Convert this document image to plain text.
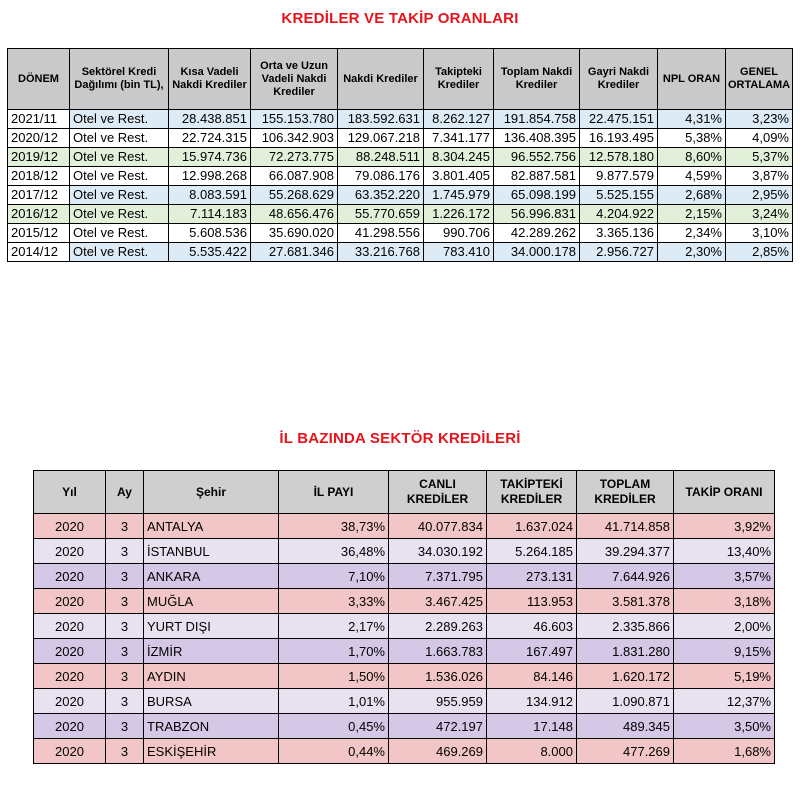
KREDİLER VE TAKİP ORANLARI
DÖNEM	Sektörel Kredi Dağılımı (bin TL),	Kısa Vadeli Nakdi Krediler	Orta ve Uzun Vadeli Nakdi Krediler	Nakdi Krediler	Takipteki Krediler	Toplam Nakdi Krediler	Gayri Nakdi Krediler	NPL ORAN	GENEL ORTALAMA
2021/11	Otel ve Rest.	28.438.851	155.153.780	183.592.631	8.262.127	191.854.758	22.475.151	4,31%	3,23%
2020/12	Otel ve Rest.	22.724.315	106.342.903	129.067.218	7.341.177	136.408.395	16.193.495	5,38%	4,09%
2019/12	Otel ve Rest.	15.974.736	72.273.775	88.248.511	8.304.245	96.552.756	12.578.180	8,60%	5,37%
2018/12	Otel ve Rest.	12.998.268	66.087.908	79.086.176	3.801.405	82.887.581	9.877.579	4,59%	3,87%
2017/12	Otel ve Rest.	8.083.591	55.268.629	63.352.220	1.745.979	65.098.199	5.525.155	2,68%	2,95%
2016/12	Otel ve Rest.	7.114.183	48.656.476	55.770.659	1.226.172	56.996.831	4.204.922	2,15%	3,24%
2015/12	Otel ve Rest.	5.608.536	35.690.020	41.298.556	990.706	42.289.262	3.365.136	2,34%	3,10%
2014/12	Otel ve Rest.	5.535.422	27.681.346	33.216.768	783.410	34.000.178	2.956.727	2,30%	2,85%
İL BAZINDA SEKTÖR KREDİLERİ
Yıl	Ay	Şehir	İL PAYI	CANLI KREDİLER	TAKİPTEKİ KREDİLER	TOPLAM KREDİLER	TAKİP ORANI
2020	3	ANTALYA	38,73%	40.077.834	1.637.024	41.714.858	3,92%
2020	3	İSTANBUL	36,48%	34.030.192	5.264.185	39.294.377	13,40%
2020	3	ANKARA	7,10%	7.371.795	273.131	7.644.926	3,57%
2020	3	MUĞLA	3,33%	3.467.425	113.953	3.581.378	3,18%
2020	3	YURT DIŞI	2,17%	2.289.263	46.603	2.335.866	2,00%
2020	3	İZMİR	1,70%	1.663.783	167.497	1.831.280	9,15%
2020	3	AYDIN	1,50%	1.536.026	84.146	1.620.172	5,19%
2020	3	BURSA	1,01%	955.959	134.912	1.090.871	12,37%
2020	3	TRABZON	0,45%	472.197	17.148	489.345	3,50%
2020	3	ESKİŞEHİR	0,44%	469.269	8.000	477.269	1,68%
